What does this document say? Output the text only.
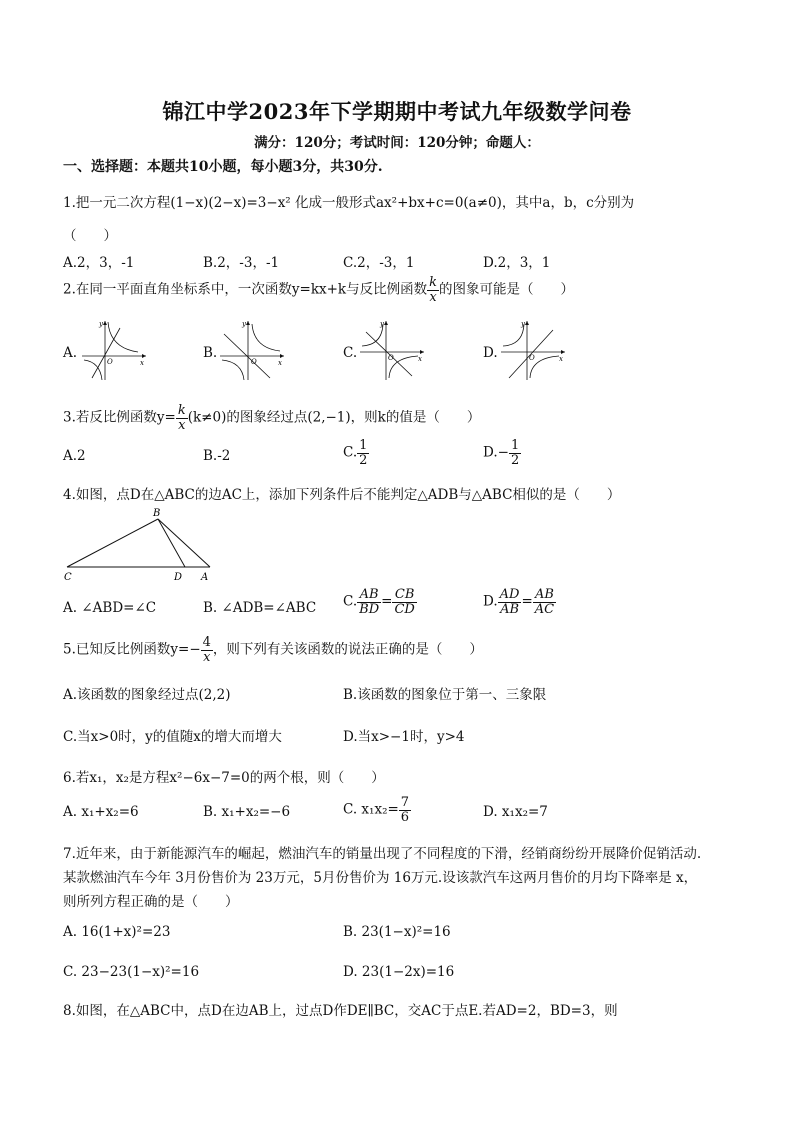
锦江中学2023年下学期期中考试九年级数学问卷
满分：120分；考试时间：120分钟；命题人：
一、选择题：本题共10小题，每小题3分，共30分.
1.把一元二次方程(1−x)(2−x)=3−x² 化成一般形式ax²+bx+c=0(a≠0)，其中a，b，c分别为
（　　）
A.2，3，-1	B.2，-3，-1	C.2，-3，1	D.2，3，1
2.在同一平面直角坐标系中，一次函数y=kx+k与反比例函数 $\frac{k}{x}$ 的图象可能是（　　）
A.
O	x
y
B.
O	x
y
C.	O	x
y
D.	O	x
y
3.若反比例函数$y= \frac{k}{x} (k\ne 0)$的图象经过点(2,−1)，则k的值是（　　）
A.2	B.-2	C. $\frac{1}{2}$	$D.- \frac{1}{2}$
4.如图，点D在△ABC的边AC上，添加下列条件后不能判定△ADB与△ABC相似的是（　　）
B
C	D A
A. ∠ABD=∠C	B. ∠ADB=∠ABC C. $\frac{AB}{BD} = \frac{CB}{CD}$	D. $\frac{AD}{AB} = \frac{AB}{AC}$
5.已知反比例函数$y=- \frac{4}{x}$ ，则下列有关该函数的说法正确的是（　　）
A.该函数的图象经过点(2,2)	B.该函数的图象位于第一、三象限
C.当x>0时，y的值随x的增大而增大	D.当x>−1时，y>4
6.若x₁，x₂是方程x²−6x−7=0的两个根，则（　　）
A. x₁+x₂=6	B. x₁+x₂=−6	C. $x_1x_2= \frac{7}{6}$	D. x₁x₂=7
7.近年来，由于新能源汽车的崛起，燃油汽车的销量出现了不同程度的下滑，经销商纷纷开展降价促销活动.
某款燃油汽车今年 3月份售价为 23万元，5月份售价为 16万元.设该款汽车这两月售价的月均下降率是 x，
则所列方程正确的是（　　）
A. 16(1+x)²=23	B. 23(1−x)²=16
C. 23−23(1−x)²=16	D. 23(1−2x)=16
8.如图，在△ABC中，点D在边AB上，过点D作DE∥BC，交AC于点E.若AD=2，BD=3，则
